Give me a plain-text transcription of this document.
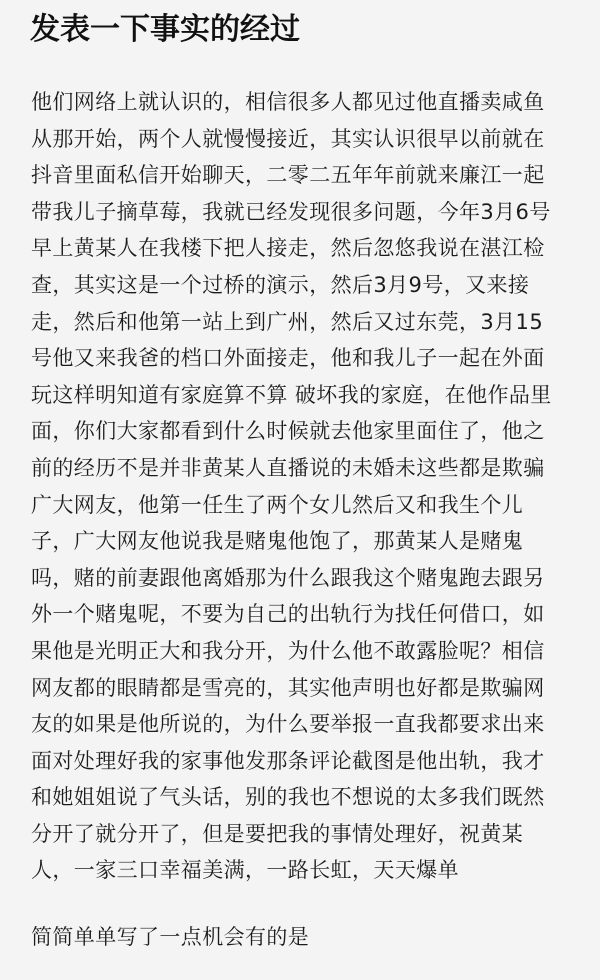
发表一下事实的经过

他们网络上就认识的，相信很多人都见过他直播卖咸鱼
从那开始，两个人就慢慢接近，其实认识很早以前就在
抖音里面私信开始聊天，二零二五年年前就来廉江一起
带我儿子摘草莓，我就已经发现很多问题，今年3月6号
早上黄某人在我楼下把人接走，然后忽悠我说在湛江检
查，其实这是一个过桥的演示，然后3月9号，又来接
走，然后和他第一站上到广州，然后又过东莞，3月15
号他又来我爸的档口外面接走，他和我儿子一起在外面
玩这样明知道有家庭算不算 破坏我的家庭，在他作品里
面，你们大家都看到什么时候就去他家里面住了，他之
前的经历不是并非黄某人直播说的未婚未这些都是欺骗
广大网友，他第一任生了两个女儿然后又和我生个儿
子，广大网友他说我是赌鬼他饱了，那黄某人是赌鬼
吗，赌的前妻跟他离婚那为什么跟我这个赌鬼跑去跟另
外一个赌鬼呢，不要为自己的出轨行为找任何借口，如
果他是光明正大和我分开，为什么他不敢露脸呢？相信
网友都的眼睛都是雪亮的，其实他声明也好都是欺骗网
友的如果是他所说的，为什么要举报一直我都要求出来
面对处理好我的家事他发那条评论截图是他出轨，我才
和她姐姐说了气头话，别的我也不想说的太多我们既然
分开了就分开了，但是要把我的事情处理好，祝黄某
人，一家三口幸福美满，一路长虹，天天爆单

简简单单写了一点机会有的是
